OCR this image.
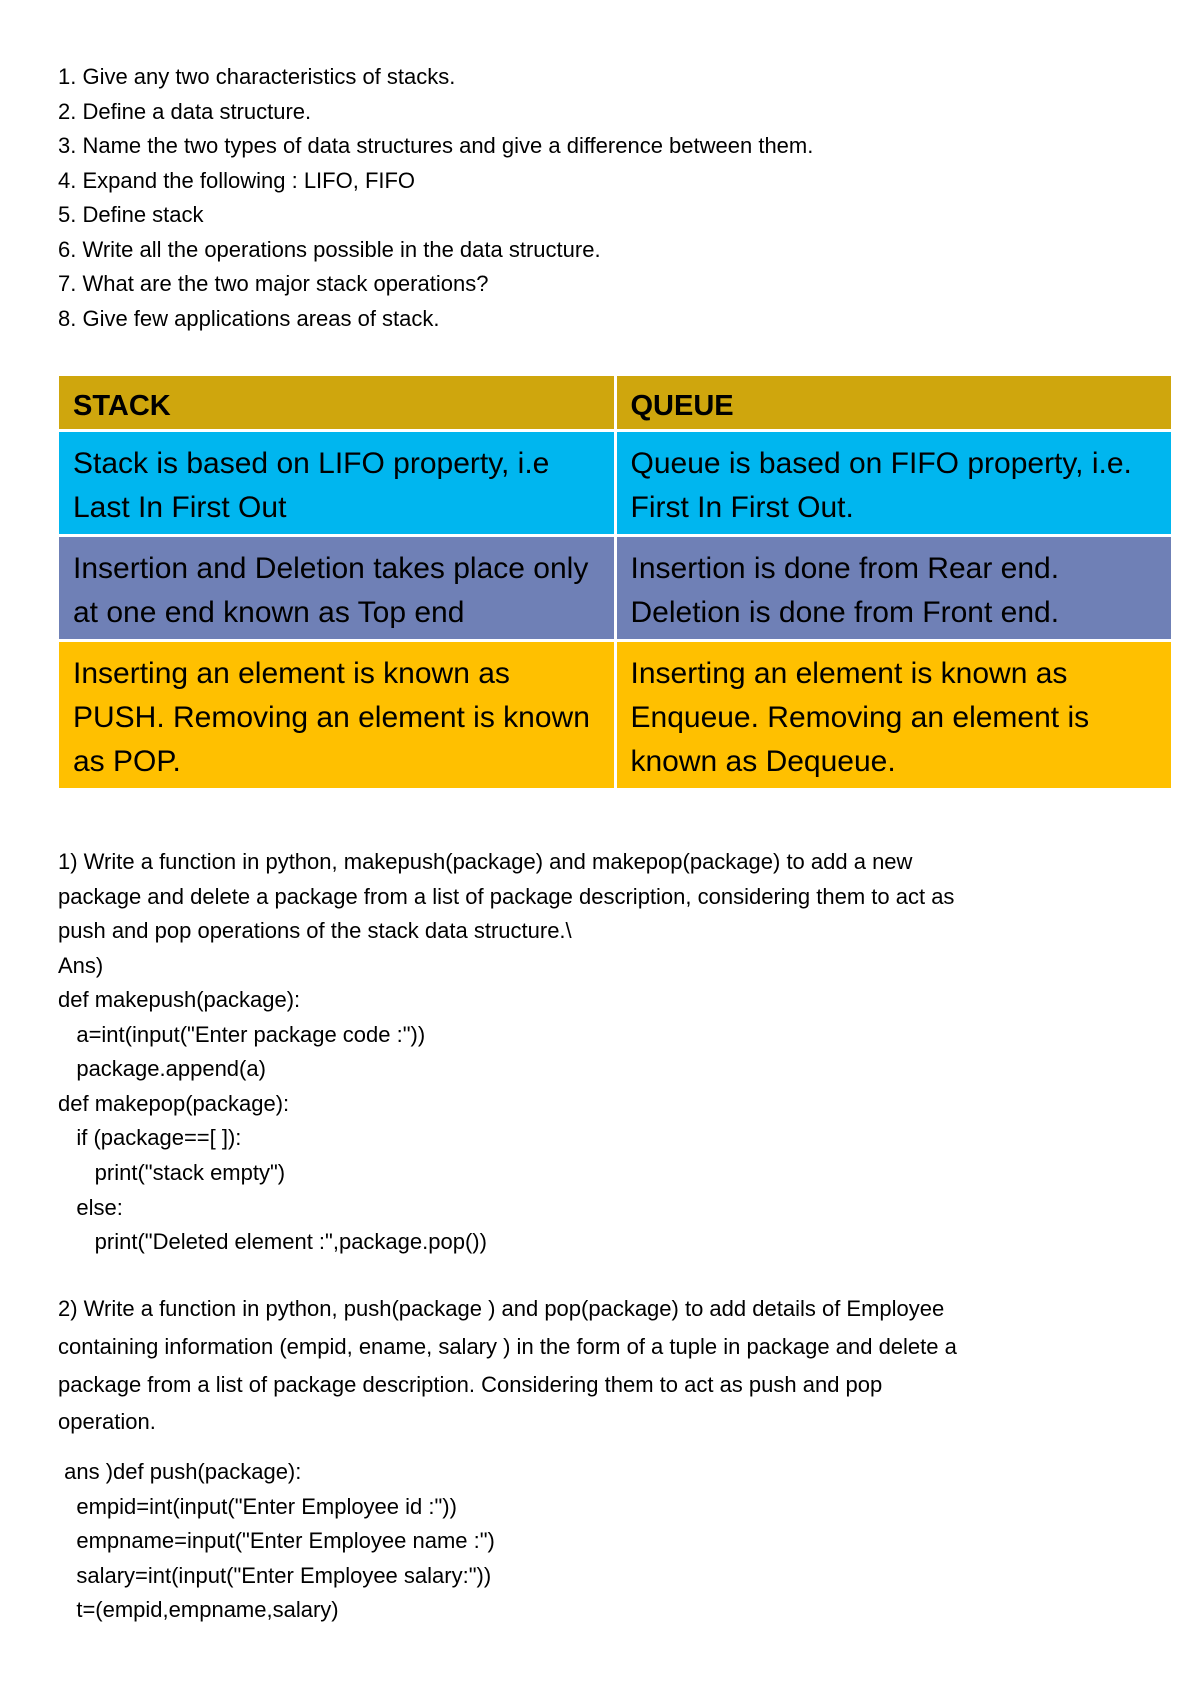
1. Give any two characteristics of stacks.
2. Define a data structure.
3. Name the two types of data structures and give a difference between them.
4. Expand the following : LIFO, FIFO
5. Define stack
6. Write all the operations possible in the data structure.
7. What are the two major stack operations?
8. Give few applications areas of stack.
STACK	QUEUE
Stack is based on LIFO property, i.e Last In First Out	Queue is based on FIFO property, i.e. First In First Out.
Insertion and Deletion takes place only at one end known as Top end	Insertion is done from Rear end. Deletion is done from Front end.
Inserting an element is known as PUSH. Removing an element is known as POP.	Inserting an element is known as Enqueue. Removing an element is known as Dequeue.

1) Write a function in python, makepush(package) and makepop(package) to add a new

package and delete a package from a list of package description, considering them to act as

push and pop operations of the stack data structure.\

Ans)

def makepush(package):

a=int(input("Enter package code :"))

package.append(a)

def makepop(package):

if (package==[ ]):

print("stack empty")

else:

print("Deleted element :",package.pop())

2) Write a function in python, push(package ) and pop(package) to add details of Employee

containing information (empid, ename, salary ) in the form of a tuple in package and delete a

package from a list of package description. Considering them to act as push and pop

operation.

ans )def push(package):

empid=int(input("Enter Employee id :"))

empname=input("Enter Employee name :")

salary=int(input("Enter Employee salary:"))

t=(empid,empname,salary)
